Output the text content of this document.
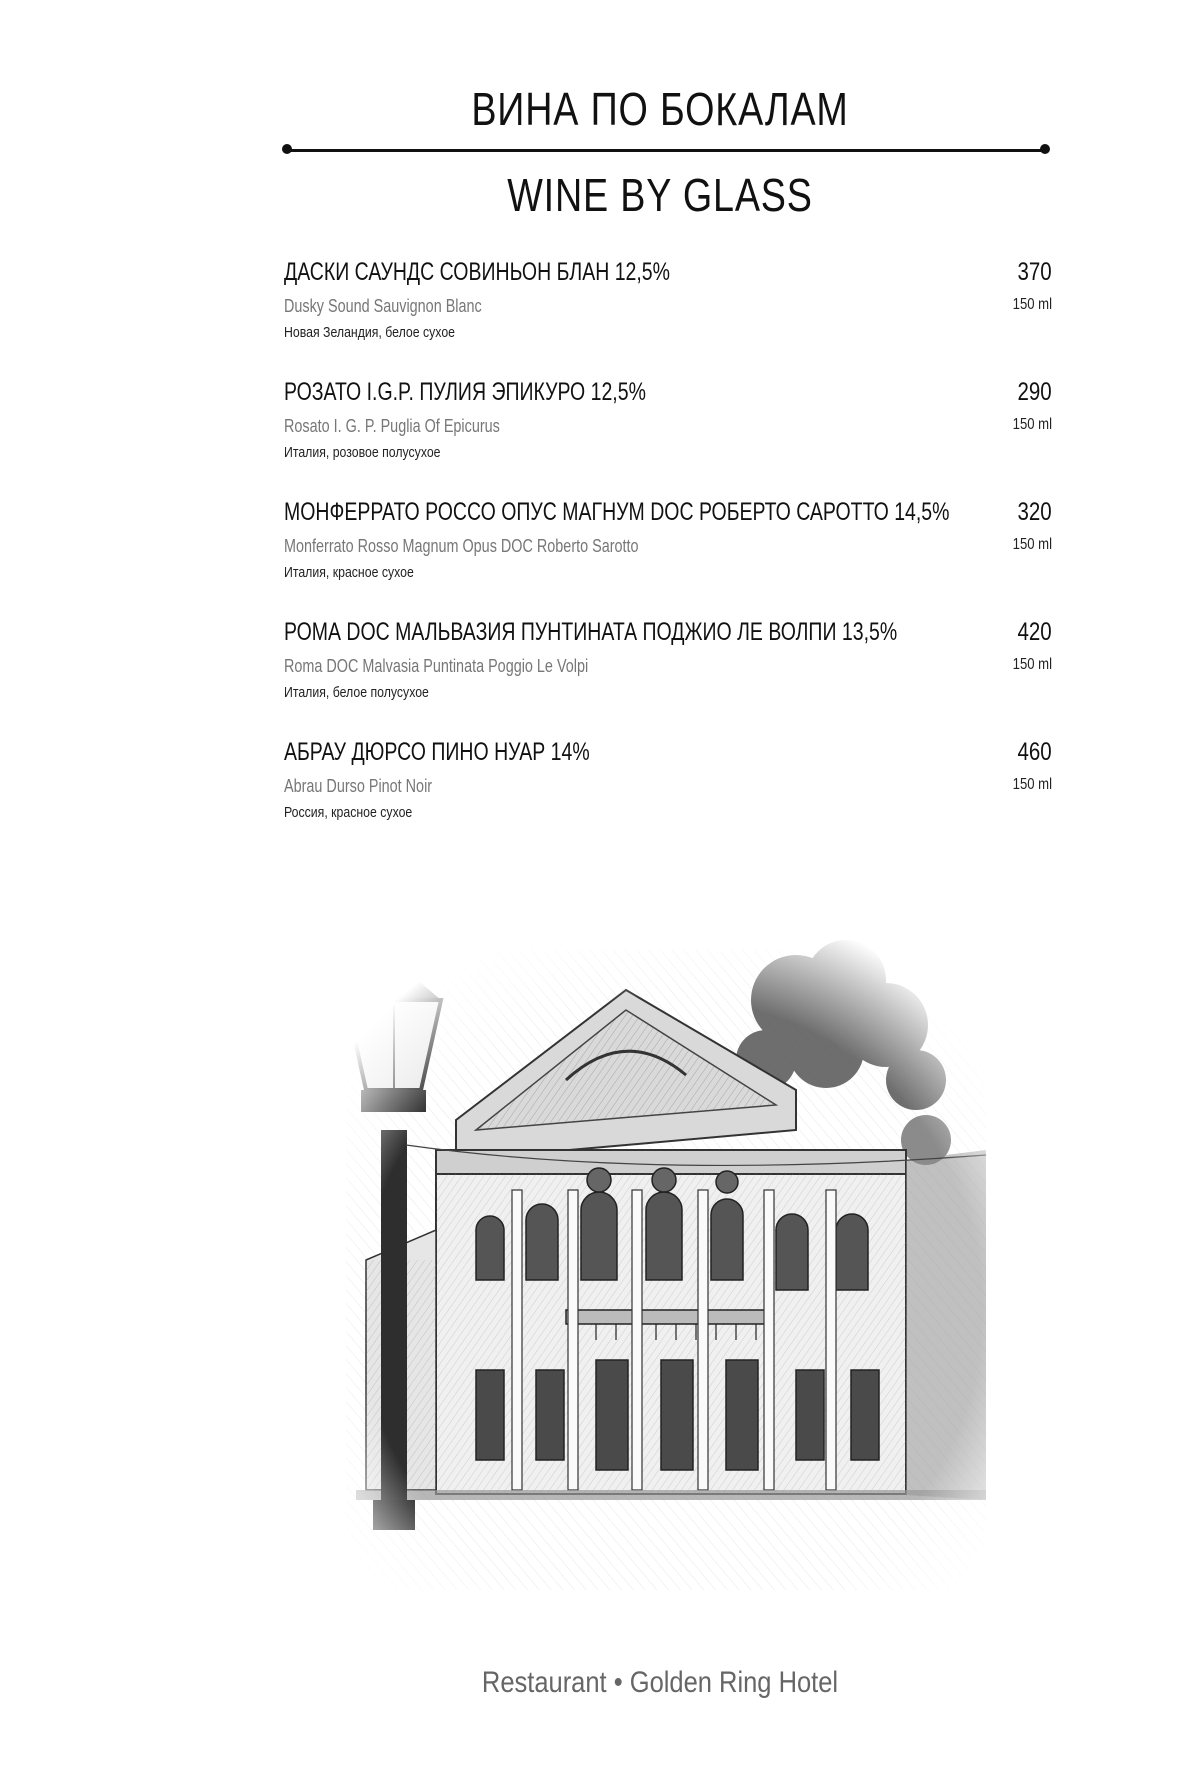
ВИНА ПО БОКАЛАМ
WINE BY GLASS
ДАСКИ САУНДС СОВИНЬОН БЛАН 12,5%
Dusky Sound Sauvignon Blanc
Новая Зеландия, белое сухое
370
150 ml
РОЗАТО I.G.P. ПУЛИЯ ЭПИКУРО 12,5%
Rosato I. G. P. Puglia Of Epicurus
Италия, розовое полусухое
290
150 ml
МОНФЕРРАТО РОССО ОПУС МАГНУМ DOC РОБЕРТО САРОТТО 14,5%
Monferrato Rosso Magnum Opus DOC Roberto Sarotto
Италия, красное сухое
320
150 ml
РОМА DOC МАЛЬВАЗИЯ ПУНТИНАТА ПОДЖИО ЛЕ ВОЛПИ 13,5%
Roma DOC Malvasia Puntinata Poggio Le Volpi
Италия, белое полусухое
420
150 ml
АБРАУ ДЮРСО ПИНО НУАР 14%
Abrau Durso Pinot Noir
Россия, красное сухое
460
150 ml
Restaurant • Golden Ring Hotel
